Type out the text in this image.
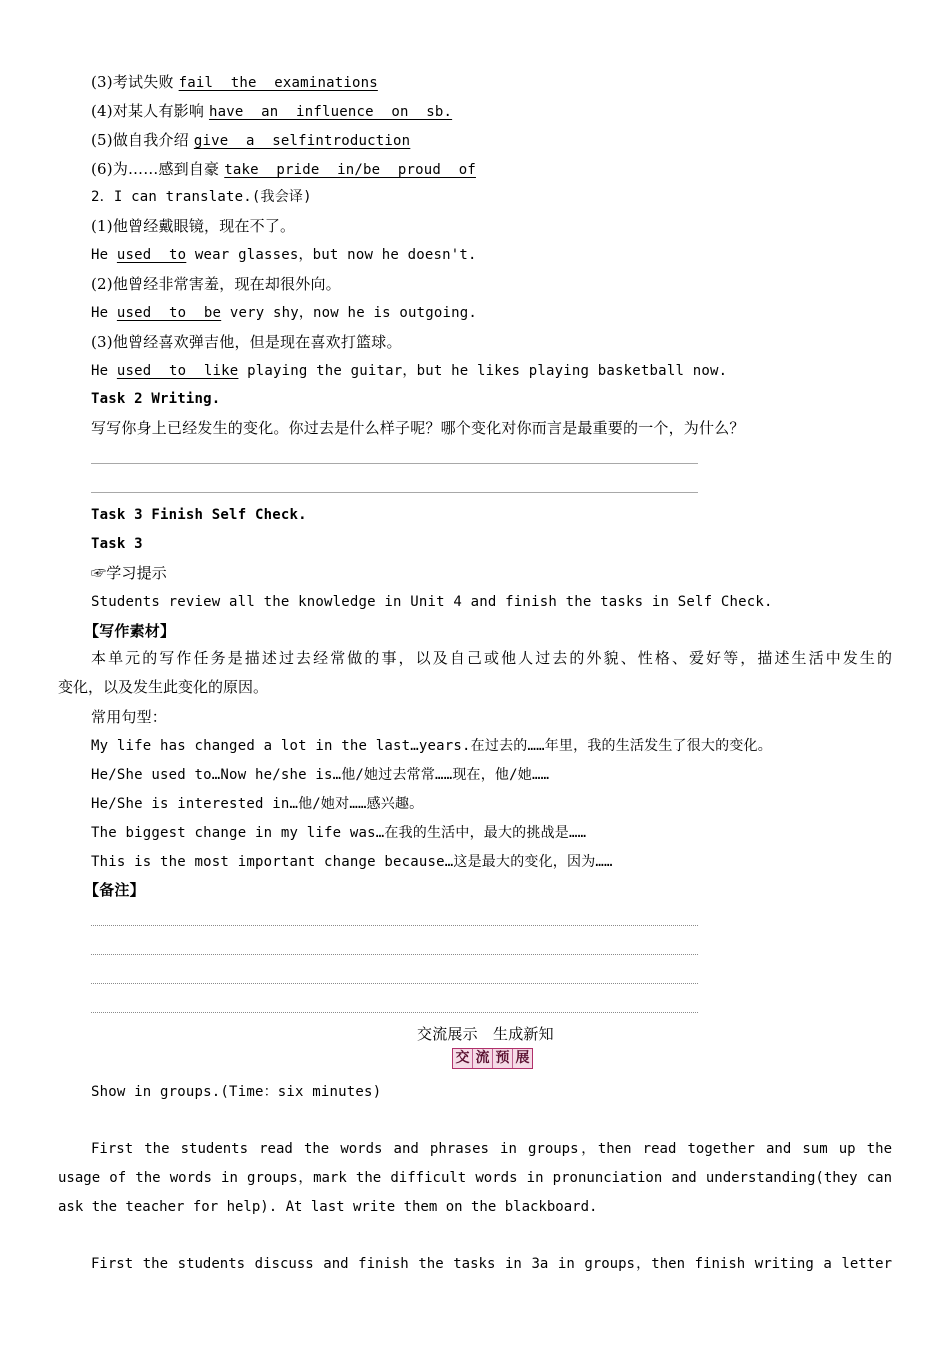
(3)考试失败 fail the examinations
(4)对某人有影响 have an influence on sb.
(5)做自我介绍 give a selfintroduction
(6)为……感到自豪 take pride in/be proud of
2．I can translate.(我会译)
(1)他曾经戴眼镜，现在不了。
He used to wear glasses，but now he doesn't.
(2)他曾经非常害羞，现在却很外向。
He used to be very shy，now he is outgoing.
(3)他曾经喜欢弹吉他，但是现在喜欢打篮球。
He used to like playing the guitar，but he likes playing basketball now.
Task 2 Writing.
写写你身上已经发生的变化。你过去是什么样子呢？哪个变化对你而言是最重要的一个，为什么？
Task 3 Finish Self Check.
Task 3
☞学习提示
Students review all the knowledge in Unit 4 and finish the tasks in Self Check.
【写作素材】
本单元的写作任务是描述过去经常做的事，以及自己或他人过去的外貌、性格、爱好等，描述生活中发生的
变化，以及发生此变化的原因。
常用句型：
My life has changed a lot in the last…years.在过去的……年里，我的生活发生了很大的变化。
He/She used to…Now he/she is…他/她过去常常……现在，他/她……
He/She is interested in…他/她对……感兴趣。
The biggest change in my life was…在我的生活中，最大的挑战是……
This is the most important change because…这是最大的变化，因为……
【备注】
交流展示　生成新知
交 流 预 展
Show in groups.(Time：six minutes)
First the students read the words and phrases in groups，then read together and sum up the
usage of the words in groups，mark the difficult words in pronunciation and understanding(they can
ask the teacher for help). At last write them on the blackboard.
First the students discuss and finish the tasks in 3a in groups，then finish writing a letter
